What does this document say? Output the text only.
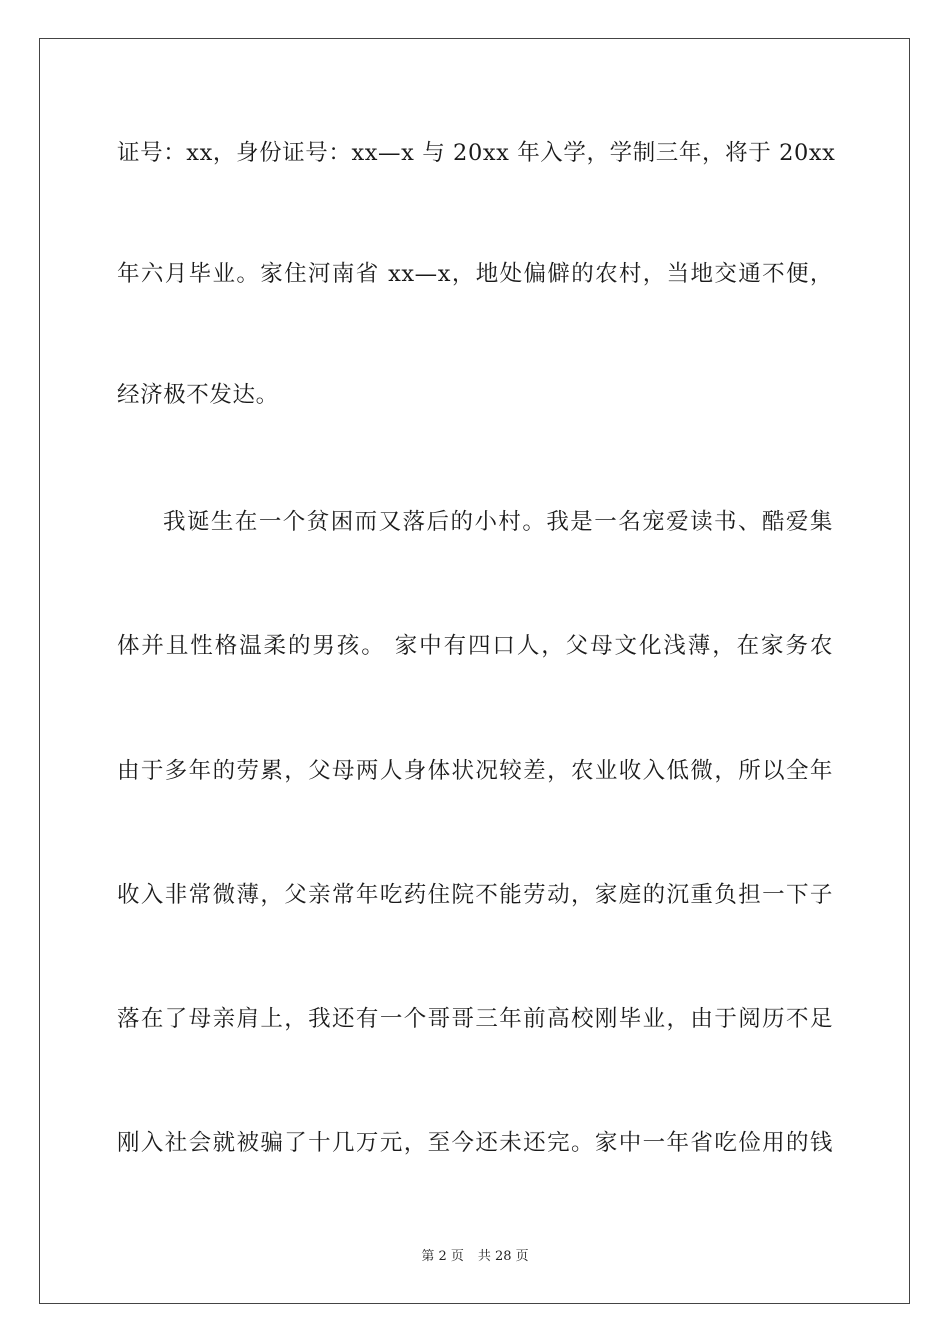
证号：xx，身份证号：xx—x 与 20xx 年入学，学制三年，将于 20xx
年六月毕业。家住河南省 xx—x，地处偏僻的农村，当地交通不便，
经济极不发达。
我诞生在一个贫困而又落后的小村。我是一名宠爱读书、酷爱集
体并且性格温柔的男孩。 家中有四口人，父母文化浅薄，在家务农
由于多年的劳累，父母两人身体状况较差，农业收入低微，所以全年
收入非常微薄，父亲常年吃药住院不能劳动，家庭的沉重负担一下子
落在了母亲肩上，我还有一个哥哥三年前高校刚毕业，由于阅历不足
刚入社会就被骗了十几万元，至今还未还完。家中一年省吃俭用的钱
第 2 页 共 28 页
